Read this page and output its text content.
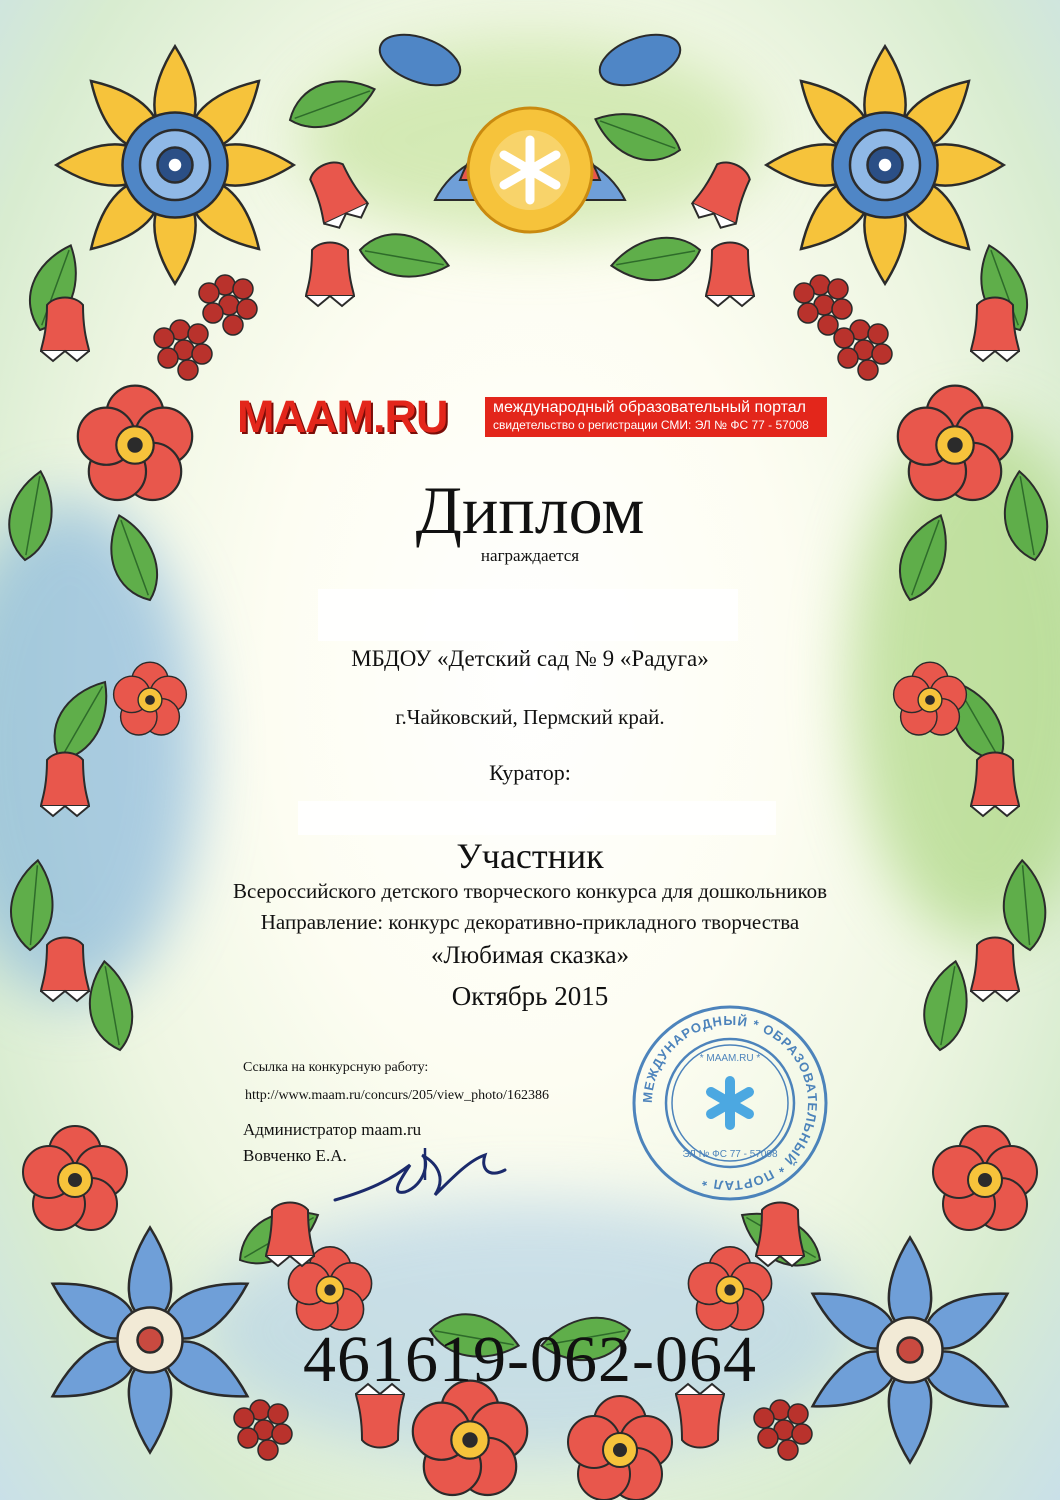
MAAM.RU	международный образовательный портал
свидетельство о регистрации СМИ: ЭЛ № ФС 77 - 57008
Диплом
награждается
МБДОУ «Детский сад № 9 «Радуга»
г.Чайковский, Пермский край.
Куратор:
Участник
Всероссийского детского творческого конкурса для дошкольников
Направление: конкурс декоративно-прикладного творчества
«Любимая сказка»
Октябрь 2015
Ссылка на конкурсную работу:
http://www.maam.ru/concurs/205/view_photo/162386
Администратор maam.ru
Вовченко Е.А.
МЕЖДУНАРОДНЫЙ * ОБРАЗОВАТЕЛЬНЫЙ * ПОРТАЛ *
* MAAM.RU *
ЭЛ № ФС 77 - 57008
461619-062-064
